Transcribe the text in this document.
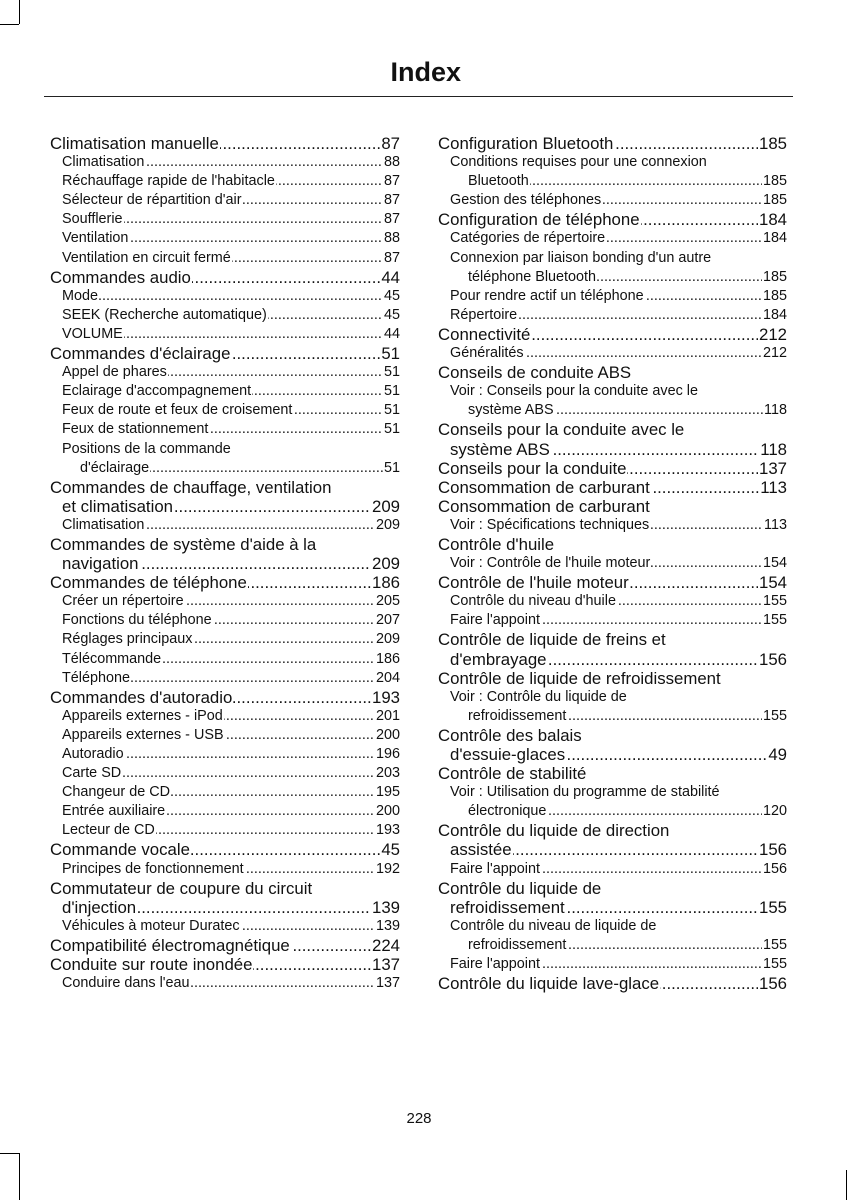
Index
.....
87
Climatisation manuelle
.....
88
Climatisation
.....
87
Réchauffage rapide de l'habitacle
.....
87
Sélecteur de répartition d'air
.....
87
Soufflerie
.....
88
Ventilation
.....
87
Ventilation en circuit fermé
.....
44
Commandes audio
.....
45
Mode
.....
45
SEEK (Recherche automatique)
.....
44
VOLUME
.....
51
Commandes d'éclairage
.....
51
Appel de phares
.....
51
Eclairage d'accompagnement
.....
51
Feux de route et feux de croisement
.....
51
Feux de stationnement
Positions de la commande
.....
51
d'éclairage
Commandes de chauffage, ventilation
.....
209
et climatisation
.....
209
Climatisation
Commandes de système d'aide à la
.....
209
navigation
.....
186
Commandes de téléphone
.....
205
Créer un répertoire
.....
207
Fonctions du téléphone
.....
209
Réglages principaux
.....
186
Télécommande
.....
204
Téléphone
.....
193
Commandes d'autoradio
.....
201
Appareils externes - iPod
.....
200
Appareils externes - USB
.....
196
Autoradio
.....
203
Carte SD
.....
195
Changeur de CD
.....
200
Entrée auxiliaire
.....
193
Lecteur de CD
.....
45
Commande vocale
.....
192
Principes de fonctionnement
Commutateur de coupure du circuit
.....
139
d'injection
.....
139
Véhicules à moteur Duratec
.....
224
Compatibilité électromagnétique
.....
137
Conduite sur route inondée
.....
137
Conduire dans l'eau
.....
185
Configuration Bluetooth
Conditions requises pour une connexion
.....
185
Bluetooth
.....
185
Gestion des téléphones
.....
184
Configuration de téléphone
.....
184
Catégories de répertoire
Connexion par liaison bonding d'un autre
.....
185
téléphone Bluetooth
.....
185
Pour rendre actif un téléphone
.....
184
Répertoire
.....
212
Connectivité
.....
212
Généralités
Conseils de conduite ABS
Voir : Conseils pour la conduite avec le
.....
118
système ABS
Conseils pour la conduite avec le
.....
118
système ABS
.....
137
Conseils pour la conduite
.....
113
Consommation de carburant
Consommation de carburant
.....
113
Voir : Spécifications techniques
Contrôle d'huile
.....
154
Voir : Contrôle de l'huile moteur
.....
154
Contrôle de l'huile moteur
.....
155
Contrôle du niveau d'huile
.....
155
Faire l'appoint
Contrôle de liquide de freins et
.....
156
d'embrayage
Contrôle de liquide de refroidissement
Voir : Contrôle du liquide de
.....
155
refroidissement
Contrôle des balais
.....
49
d'essuie-glaces
Contrôle de stabilité
Voir : Utilisation du programme de stabilité
.....
120
électronique
Contrôle du liquide de direction
.....
156
assistée
.....
156
Faire l'appoint
Contrôle du liquide de
.....
155
refroidissement
Contrôle du niveau de liquide de
.....
155
refroidissement
.....
155
Faire l'appoint
.....
156
Contrôle du liquide lave-glace
228
